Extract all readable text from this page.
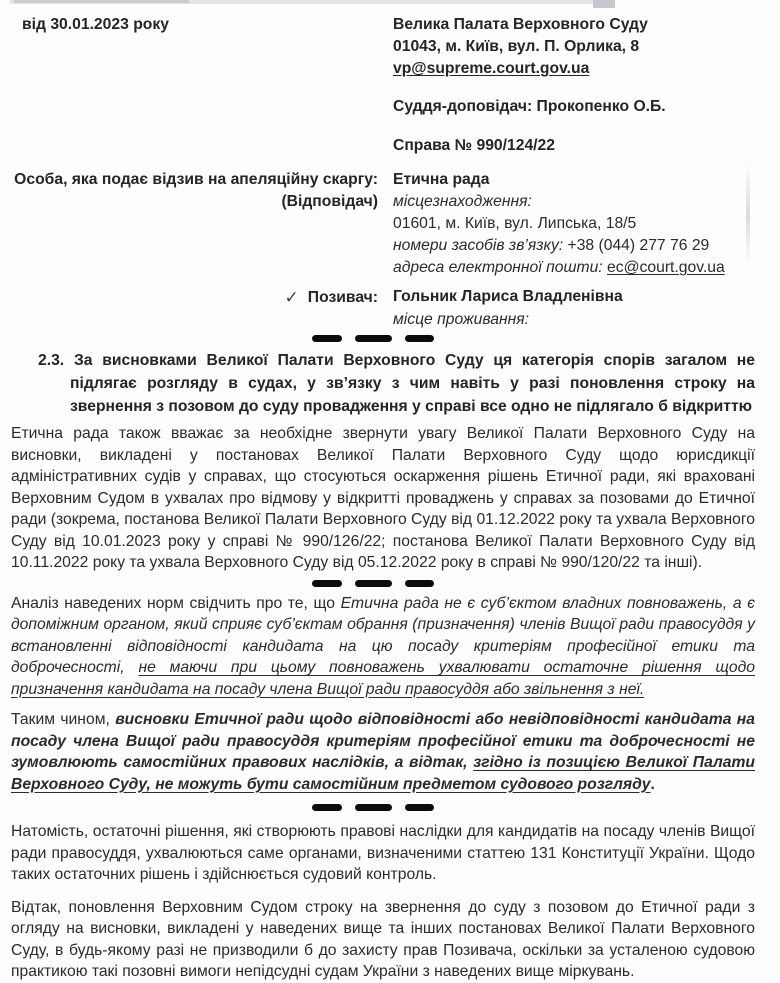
від 30.01.2023 року	Велика Палата Верховного Суду
01043, м. Київ, вул. П. Орлика, 8
vp@supreme.court.gov.ua
Суддя-доповідач: Прокопенко О.Б.
Справа № 990/124/22
Особа, яка подає відзив на апеляційну скаргу:
(Відповідач)
Етична рада
місцезнаходження:
01601, м. Київ, вул. Липська, 18/5
номери засобів зв’язку: +38 (044) 277 76 29
адреса електронної пошти: ec@court.gov.ua
✓ Позивач: Гольник Лариса Владленівна
місце проживання:

2.3. За висновками Великої Палати Верховного Суду ця категорія спорів загалом не підлягає розгляду в судах, у зв’язку з чим навіть у разі поновлення строку на звернення з позовом до суду провадження у справі все одно не підлягало б відкриттю

Етична рада також вважає за необхідне звернути увагу Великої Палати Верховного Суду на висновки, викладені у постановах Великої Палати Верховного Суду щодо юрисдикції адміністративних судів у справах, що стосуються оскарження рішень Етичної ради, які враховані Верховним Судом в ухвалах про відмову у відкритті проваджень у справах за позовами до Етичної ради (зокрема, постанова Великої Палати Верховного Суду від 01.12.2022 року та ухвала Верховного Суду від 10.01.2023 року у справі № 990/126/22; постанова Великої Палати Верховного Суду від 10.11.2022 року та ухвала Верховного Суду від 05.12.2022 року в справі № 990/120/22 та інші).

Аналіз наведених норм свідчить про те, що Етична рада не є суб’єктом владних повноважень, а є допоміжним органом, який сприяє суб’єктам обрання (призначення) членів Вищої ради правосуддя у встановленні відповідності кандидата на цю посаду критеріям професійної етики та доброчесності, не маючи при цьому повноважень ухвалювати остаточне рішення щодо призначення кандидата на посаду члена Вищої ради правосуддя або звільнення з неї.

Таким чином, висновки Етичної ради щодо відповідності або невідповідності кандидата на посаду члена Вищої ради правосуддя критеріям професійної етики та доброчесності не зумовлюють самостійних правових наслідків, а відтак, згідно із позицією Великої Палати Верховного Суду, не можуть бути самостійним предметом судового розгляду.

Натомість, остаточні рішення, які створюють правові наслідки для кандидатів на посаду членів Вищої ради правосуддя, ухвалюються саме органами, визначеними статтею 131 Конституції України. Щодо таких остаточних рішень і здійснюється судовий контроль.

Відтак, поновлення Верховним Судом строку на звернення до суду з позовом до Етичної ради з огляду на висновки, викладені у наведених вище та інших постановах Великої Палати Верховного Суду, в будь-якому разі не призводили б до захисту прав Позивача, оскільки за усталеною судовою практикою такі позовні вимоги непідсудні судам України з наведених вище міркувань.
